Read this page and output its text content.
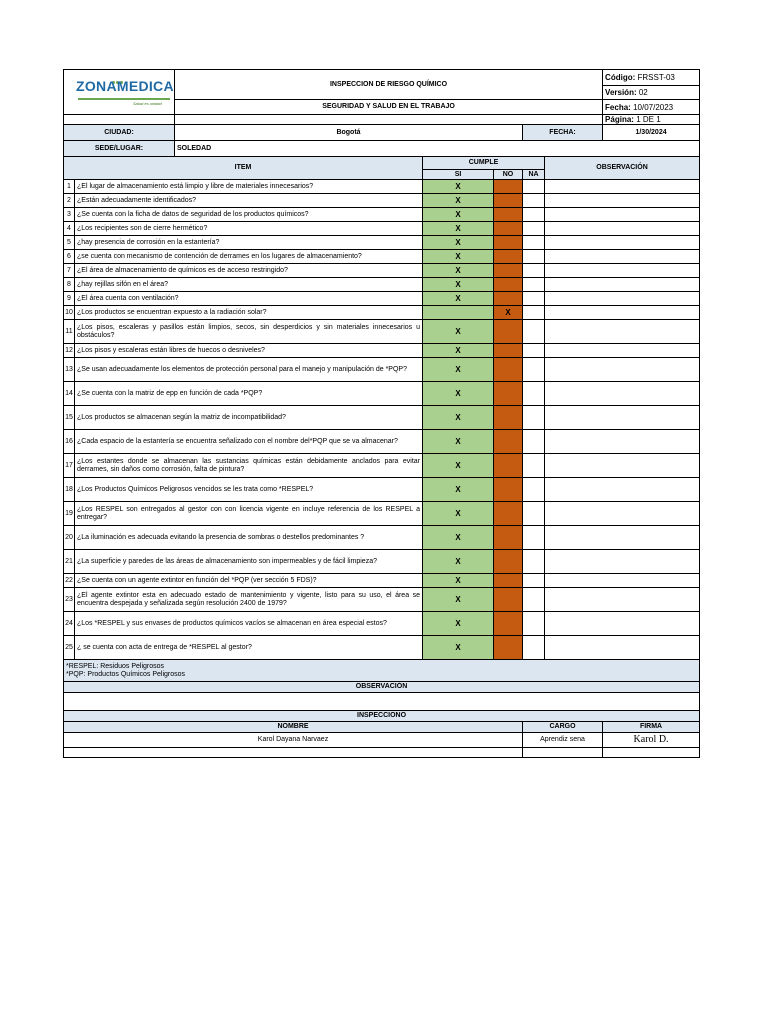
ZONAMEDICA
Salud es unidad		INSPECCION DE RIESGO QUÍMICO					Código: FRSST-03
							Versión: 02
		SEGURIDAD Y SALUD EN EL TRABAJO					Fecha: 10/07/2023
							Página: 1 DE 1
CIUDAD:		Bogotá			FECHA:		1/30/2024
SEDE/LUGAR:		SOLEDAD					
ITEM			CUMPLE			OBSERVACIÓN	
			SI	NO	NA		
1	¿El lugar de almacenamiento está limpio y libre de materiales innecesarios?		X				
2	¿Están adecuadamente identificados?		X				
3	¿Se cuenta con la ficha de datos de seguridad de los productos químicos?		X				
4	¿Los recipientes son de cierre hermético?		X				
5	¿hay presencia de corrosión en la estantería?		X				
6	¿se cuenta con mecanismo de contención de derrames en los lugares de almacenamiento?		X				
7	¿El área de almacenamiento de químicos es de acceso restringido?		X				
8	¿hay rejillas sifón en el área?		X				
9	¿El área cuenta con ventilación?		X				
10	¿Los productos se encuentran expuesto a la radiación solar?			X			
11	¿Los pisos, escaleras y pasillos están limpios, secos, sin desperdicios y sin materiales innecesarios u obstáculos?		X				
12	¿Los pisos y escaleras están libres de huecos o desniveles?		X				
13	¿Se usan adecuadamente los elementos de protección personal para el manejo y manipulación de *PQP?		X				
14	¿Se cuenta con la matriz de epp en función de cada *PQP?		X				
15	¿Los productos se almacenan según la matriz de incompatibilidad?		X				
16	¿Cada espacio de la estantería se encuentra señalizado con el nombre del*PQP que se va almacenar?		X				
17	¿Los estantes donde se almacenan las sustancias químicas están debidamente anclados para evitar derrames, sin daños como corrosión, falta de pintura?		X				
18	¿Los Productos Químicos Peligrosos vencidos se les trata como *RESPEL?		X				
19	¿Los RESPEL son entregados al gestor con con licencia vigente en incluye referencia de los RESPEL a entregar?		X				
20	¿La iluminación es adecuada evitando la presencia de sombras o destellos predominantes ?		X				
21	¿La superficie y paredes de las áreas de almacenamiento son impermeables y de fácil limpieza?		X				
22	¿Se cuenta con un agente extintor en función del *PQP (ver sección 5 FDS)?		X				
23	¿El agente extintor esta en adecuado estado de mantenimiento y vigente, listo para su uso, el área se encuentra despejada y señalizada según resolución 2400 de 1979?		X				
24	¿Los *RESPEL y sus envases de productos químicos vacíos se almacenan en área especial estos?		X				
25	¿ se cuenta con acta de entrega de *RESPEL al gestor?		X				

*RESPEL: Residuos Peligrosos
*PQP: Productos Químicos Peligrosos							

OBSERVACIÓN							

INSPECCIONO							
NOMBRE					CARGO		FIRMA
Karol Dayana Narvaez					Aprendiz sena		Karol D.
